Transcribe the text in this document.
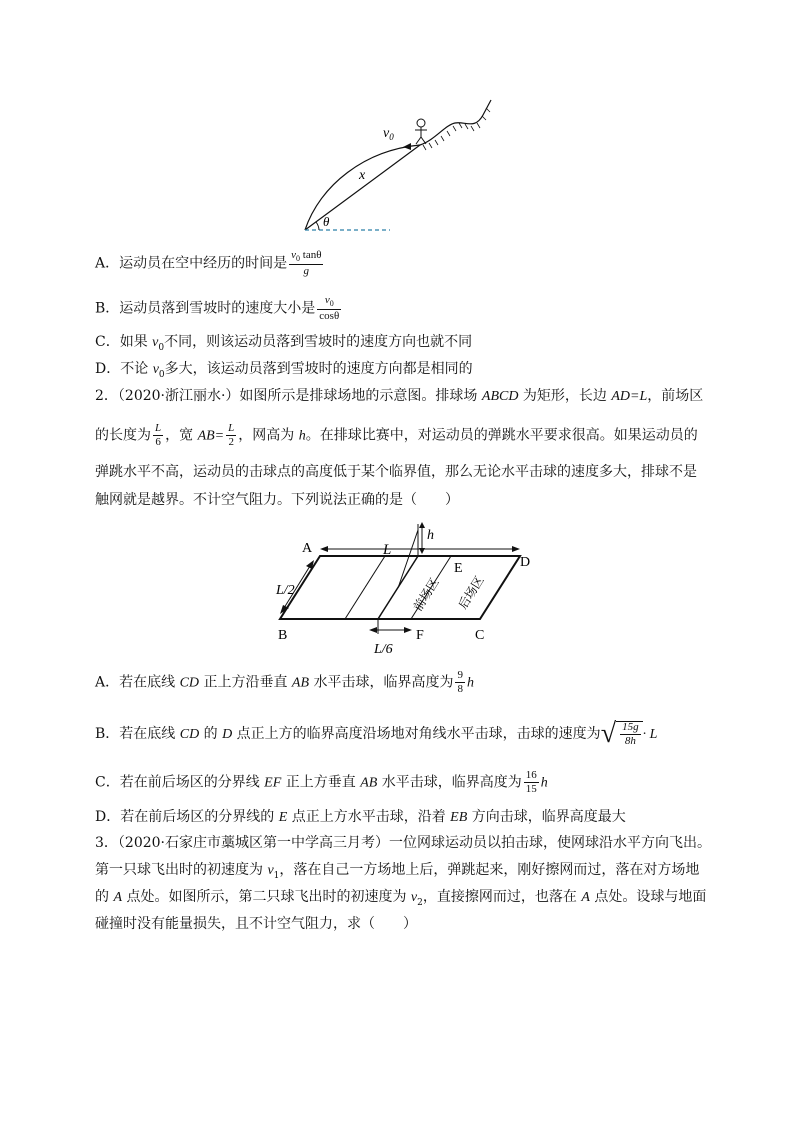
$v_0$
x
θ
A．运动员在空中经历的时间是 $\frac{v_0 \tan\theta}{g}$
B．运动员落到雪坡时的速度大小是 $\frac{v_0}{\cos\theta}$
C．如果 $v_0$不同，则该运动员落到雪坡时的速度方向也就不同
D．不论 $v_0$多大，该运动员落到雪坡时的速度方向都是相同的
2．（2020·浙江丽水·）如图所示是排球场地的示意图。排球场 ABCD 为矩形，长边 AD=L，前场区
的长度为 $\frac{L}{6}$ ，宽 $AB= \frac{L}{2}$ ，网高为 h。在排球比赛中，对运动员的弹跳水平要求很高。如果运动员的
弹跳水平不高，运动员的击球点的高度低于某个临界值，那么无论水平击球的速度多大，排球不是
触网就是越界。不计空气阻力。下列说法正确的是（　　）
A
B	C
D
E
F
L
L/2
L/6
h
前场区 后场区
A．若在底线 CD 正上方沿垂直 AB 水平击球，临界高度为 $\frac{9}{8}$ h
B．若在底线 CD 的 D 点正上方的临界高度沿场地对角线水平击球，击球的速度为√ $\frac{15g}{8h} \cdot L$
C．若在前后场区的分界线 EF 正上方垂直 AB 水平击球，临界高度为 $\frac{16}{15}$ h
D．若在前后场区的分界线的 E 点正上方水平击球，沿着 EB 方向击球，临界高度最大
3．（2020·石家庄市藁城区第一中学高三月考）一位网球运动员以拍击球，使网球沿水平方向飞出。
第一只球飞出时的初速度为 $v_1$，落在自己一方场地上后，弹跳起来，刚好擦网而过，落在对方场地
的 A 点处。如图所示，第二只球飞出时的初速度为 $v_2$，直接擦网而过，也落在 A 点处。设球与地面
碰撞时没有能量损失，且不计空气阻力，求（　　）
